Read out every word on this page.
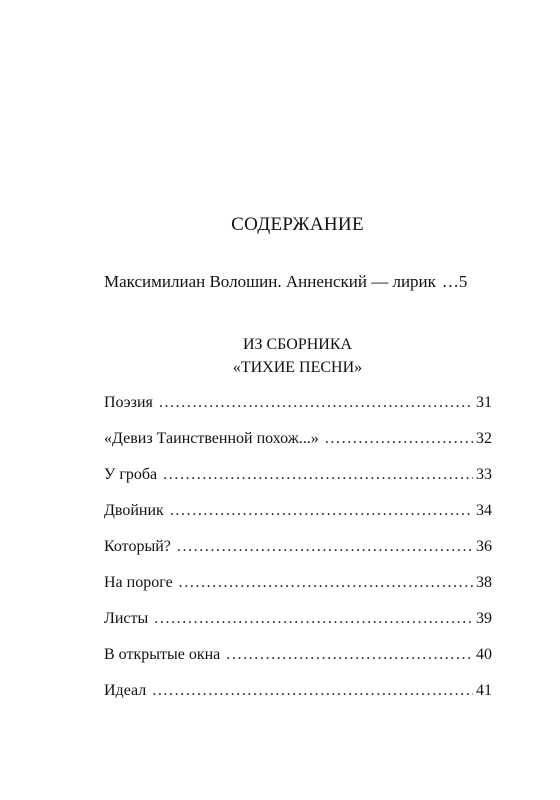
СОДЕРЖАНИЕ
Максимилиан Волошин. Анненский — лирик …5
ИЗ СБОРНИКА
«ТИХИЕ ПЕСНИ»
Поэзия . . .	31
«Девиз Таинственной похож...» . . .	32
У гроба . . .	33
Двойник . . .	34
Который? . . .	36
На пороге . . .	38
Листы . . .	39
В открытые окна . . .	40
Идеал . . .	41
